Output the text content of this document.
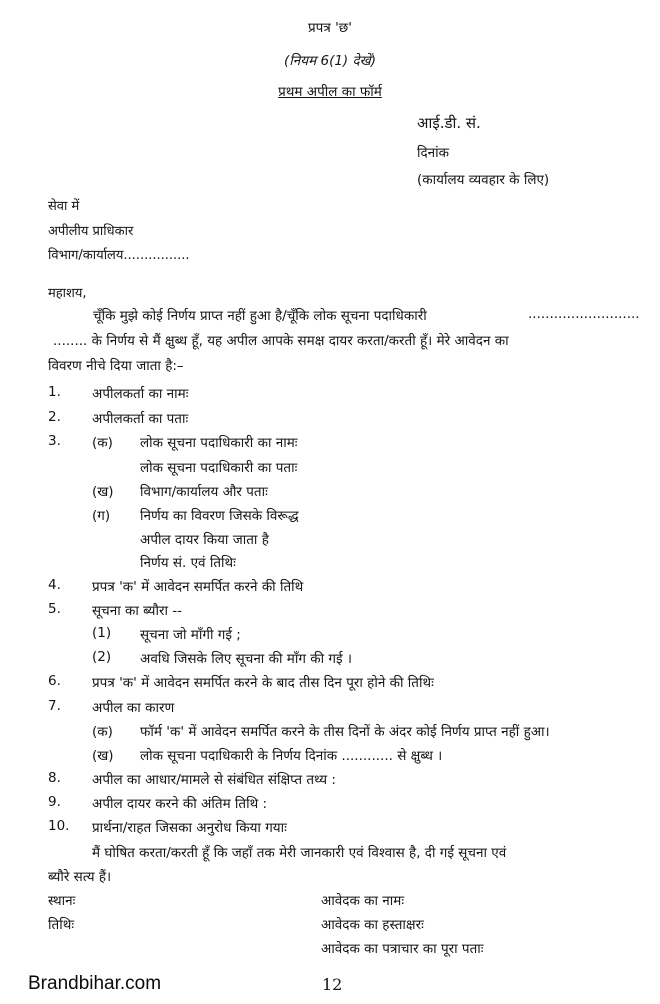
प्रपत्र 'छ'
(नियम 6(1) देखें)
प्रथम अपील का फॉर्म
आई.डी. सं.
दिनांक
(कार्यालय व्यवहार के लिए)
सेवा में
अपीलीय प्राधिकार
विभाग/कार्यालय................
महाशय,
चूँकि मुझे कोई निर्णय प्राप्त नहीं हुआ है/चूँकि लोक सूचना पदाधिकारी	..........................
........ के निर्णय से मैं क्षुब्ध हूँ, यह अपील आपके समक्ष दायर करता/करती हूँ। मेरे आवेदन का
विवरण नीचे दिया जाता है:–
1. अपीलकर्ता का नामः
2. अपीलकर्ता का पताः
3. (क) लोक सूचना पदाधिकारी का नामः
लोक सूचना पदाधिकारी का पताः
(ख) विभाग/कार्यालय और पताः
(ग) निर्णय का विवरण जिसके विरूद्ध
अपील दायर किया जाता है
निर्णय सं. एवं तिथिः
4. प्रपत्र 'क' में आवेदन समर्पित करने की तिथि
5. सूचना का ब्यौरा --
(1) सूचना जो माँगी गई ;
(2) अवधि जिसके लिए सूचना की माँग की गई ।
6. प्रपत्र 'क' में आवेदन समर्पित करने के बाद तीस दिन पूरा होने की तिथिः
7. अपील का कारण
(क) फॉर्म 'क' में आवेदन समर्पित करने के तीस दिनों के अंदर कोई निर्णय प्राप्त नहीं हुआ।
(ख) लोक सूचना पदाधिकारी के निर्णय दिनांक ............ से क्षुब्ध ।
8. अपील का आधार/मामले से संबंधित संक्षिप्त तथ्य :
9. अपील दायर करने की अंतिम तिथि :
10. प्रार्थना/राहत जिसका अनुरोध किया गयाः
मैं घोषित करता/करती हूँ कि जहाँ तक मेरी जानकारी एवं विश्वास है, दी गई सूचना एवं
ब्यौरे सत्य हैं।
स्थानः
तिथिः
आवेदक का नामः
आवेदक का हस्ताक्षरः
आवेदक का पत्राचार का पूरा पताः
Brandbihar.com	12
